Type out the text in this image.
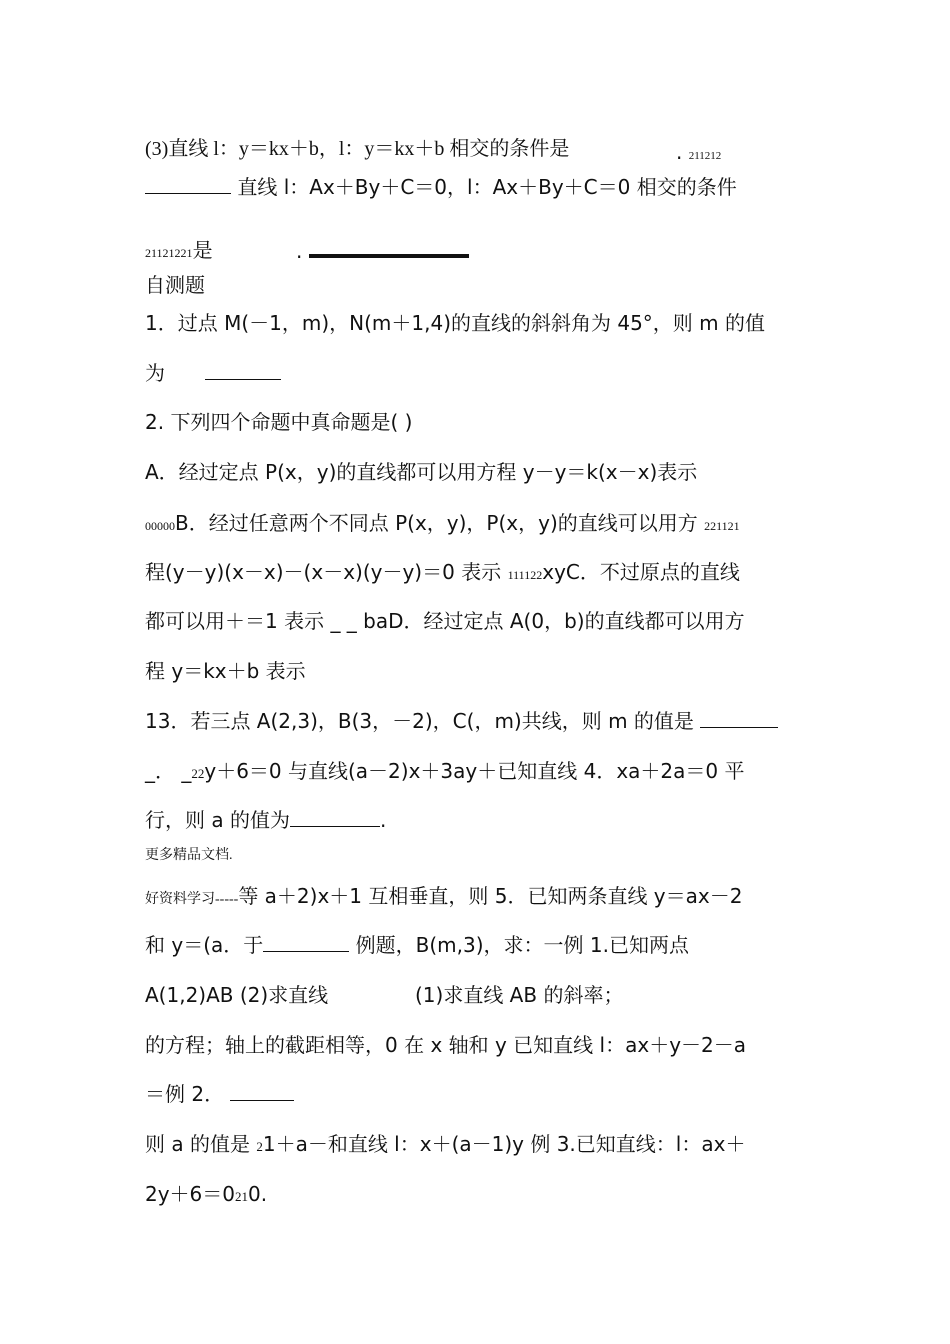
(3)直线 l：y＝kx＋b，l：y＝kx＋b 相交的条件是	. 211212
直线 l：Ax＋By＋C＝0，l：Ax＋By＋C＝0 相交的条件
21121221是	.
自测题
1．过点 M(－1，m)，N(m＋1,4)的直线的斜斜角为 45°，则 m 的值
为
2. 下列四个命题中真命题是( )
A．经过定点 P(x，y)的直线都可以用方程 y－y＝k(x－x)表示
00000B．经过任意两个不同点 P(x，y)，P(x，y)的直线可以用方 221121
程(y－y)(x－x)－(x－x)(y－y)＝0 表示 111122xyC．不过原点的直线
都可以用＋＝1 表示 _ _ baD．经过定点 A(0，b)的直线都可以用方
程 y＝kx＋b 表示
13．若三点 A(2,3)，B(3，－2)，C(，m)共线，则 m 的值是
_． _22y＋6＝0 与直线(a－2)x＋3ay＋已知直线 4．xa＋2a＝0 平
行，则 a 的值为	.
更多精品文档.
好资料学习-----等 a＋2)x＋1 互相垂直，则 5．已知两条直线 y＝ax－2
和 y＝(a．于	例题，B(m,3)，求：一例 1.已知两点
A(1,2)AB (2)求直线	(1)求直线 AB 的斜率；
的方程；轴上的截距相等，0 在 x 轴和 y 已知直线 l：ax＋y－2－a
＝例 2．
则 a 的值是 21＋a－和直线 l：x＋(a－1)y 例 3.已知直线：l：ax＋
2y＋6＝0210.
